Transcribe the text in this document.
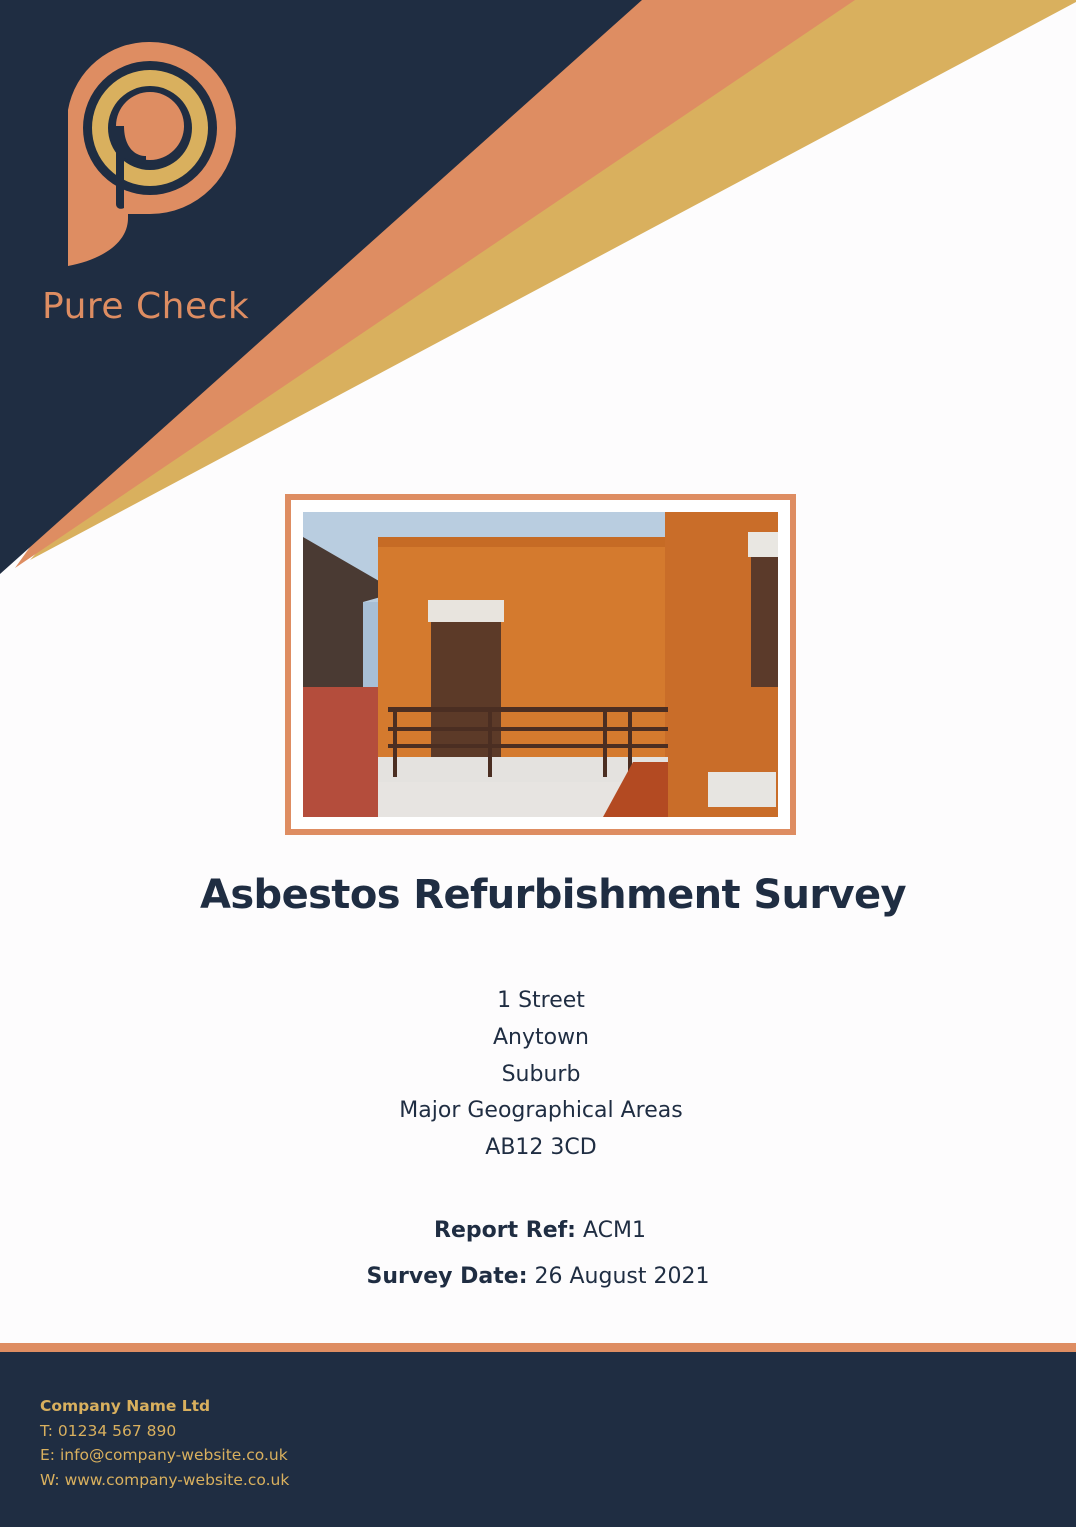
Pure Check
Asbestos Refurbishment Survey
1 Street
Anytown
Suburb
Major Geographical Areas
AB12 3CD
Report Ref: ACM1
Survey Date: 26 August 2021
Company Name Ltd
T: 01234 567 890
E: info@company-website.co.uk
W: www.company-website.co.uk
